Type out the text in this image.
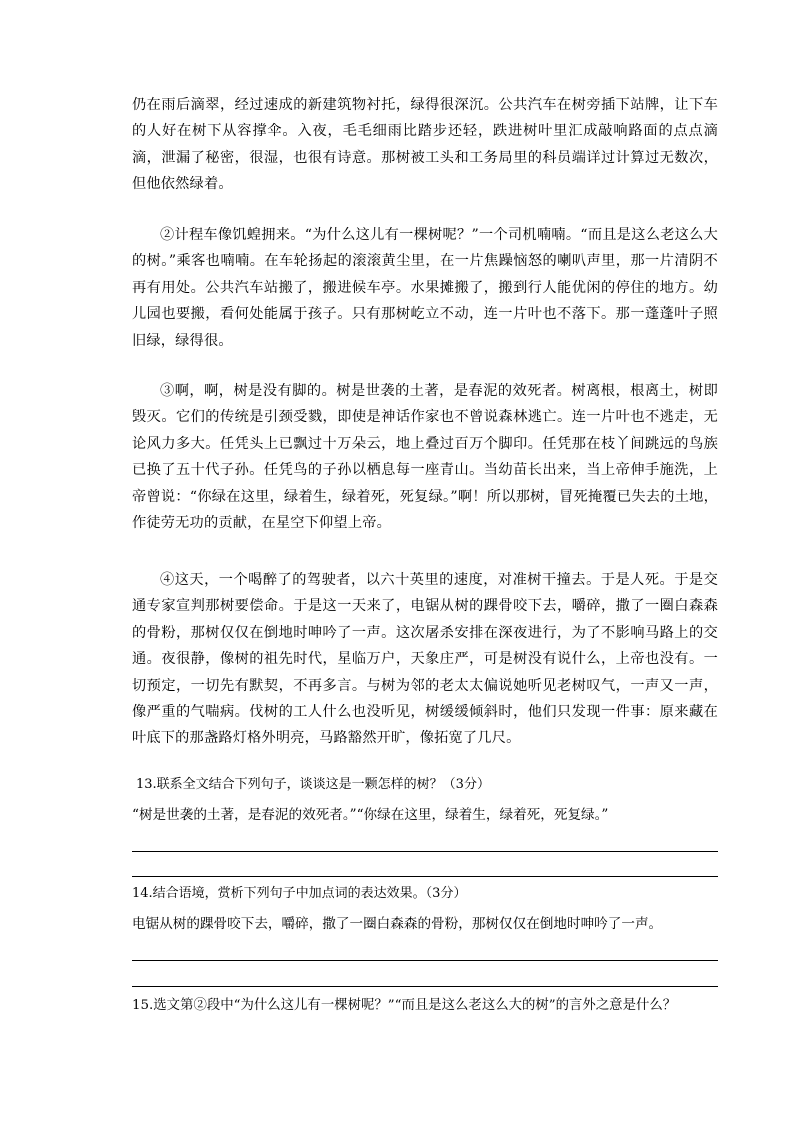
仍在雨后滴翠，经过速成的新建筑物衬托，绿得很深沉。公共汽车在树旁插下站牌，让下车的人好在树下从容撑伞。入夜，毛毛细雨比踏步还轻，跌进树叶里汇成敲响路面的点点滴滴，泄漏了秘密，很湿，也很有诗意。那树被工头和工务局里的科员端详过计算过无数次，但他依然绿着。

②计程车像饥蝗拥来。“为什么这儿有一棵树呢？”一个司机喃喃。“而且是这么老这么大的树。”乘客也喃喃。在车轮扬起的滚滚黄尘里，在一片焦躁恼怒的喇叭声里，那一片清阴不再有用处。公共汽车站搬了，搬进候车亭。水果摊搬了，搬到行人能优闲的停住的地方。幼儿园也要搬，看何处能属于孩子。只有那树屹立不动，连一片叶也不落下。那一蓬蓬叶子照旧绿，绿得很。

③啊，啊，树是没有脚的。树是世袭的土著，是春泥的效死者。树离根，根离土，树即毁灭。它们的传统是引颈受戮，即使是神话作家也不曾说森林逃亡。连一片叶也不逃走，无论风力多大。任凭头上已飘过十万朵云，地上叠过百万个脚印。任凭那在枝丫间跳远的鸟族已换了五十代子孙。任凭鸟的子孙以栖息每一座青山。当幼苗长出来，当上帝伸手施洗，上帝曾说：“你绿在这里，绿着生，绿着死，死复绿。”啊！所以那树，冒死掩覆已失去的土地，作徒劳无功的贡献，在星空下仰望上帝。

④这天，一个喝醉了的驾驶者，以六十英里的速度，对准树干撞去。于是人死。于是交通专家宣判那树要偿命。于是这一天来了，电锯从树的踝骨咬下去，嚼碎，撒了一圈白森森的骨粉，那树仅仅在倒地时呻吟了一声。这次屠杀安排在深夜进行，为了不影响马路上的交通。夜很静，像树的祖先时代，星临万户，天象庄严，可是树没有说什么，上帝也没有。一切预定，一切先有默契，不再多言。与树为邻的老太太偏说她听见老树叹气，一声又一声，像严重的气喘病。伐树的工人什么也没听见，树缓缓倾斜时，他们只发现一件事：原来藏在叶底下的那盏路灯格外明亮，马路豁然开旷，像拓宽了几尺。

13.联系全文结合下列句子，谈谈这是一颗怎样的树？（3分）

“树是世袭的土著，是春泥的效死者。”“你绿在这里，绿着生，绿着死，死复绿。”

14.结合语境，赏析下列句子中加点词的表达效果。（3分）

电锯从树的踝骨咬下去，嚼碎，撒了一圈白森森的骨粉，那树仅仅在倒地时呻吟了一声。

15.选文第②段中“为什么这儿有一棵树呢？”“而且是这么老这么大的树”的言外之意是什么？
